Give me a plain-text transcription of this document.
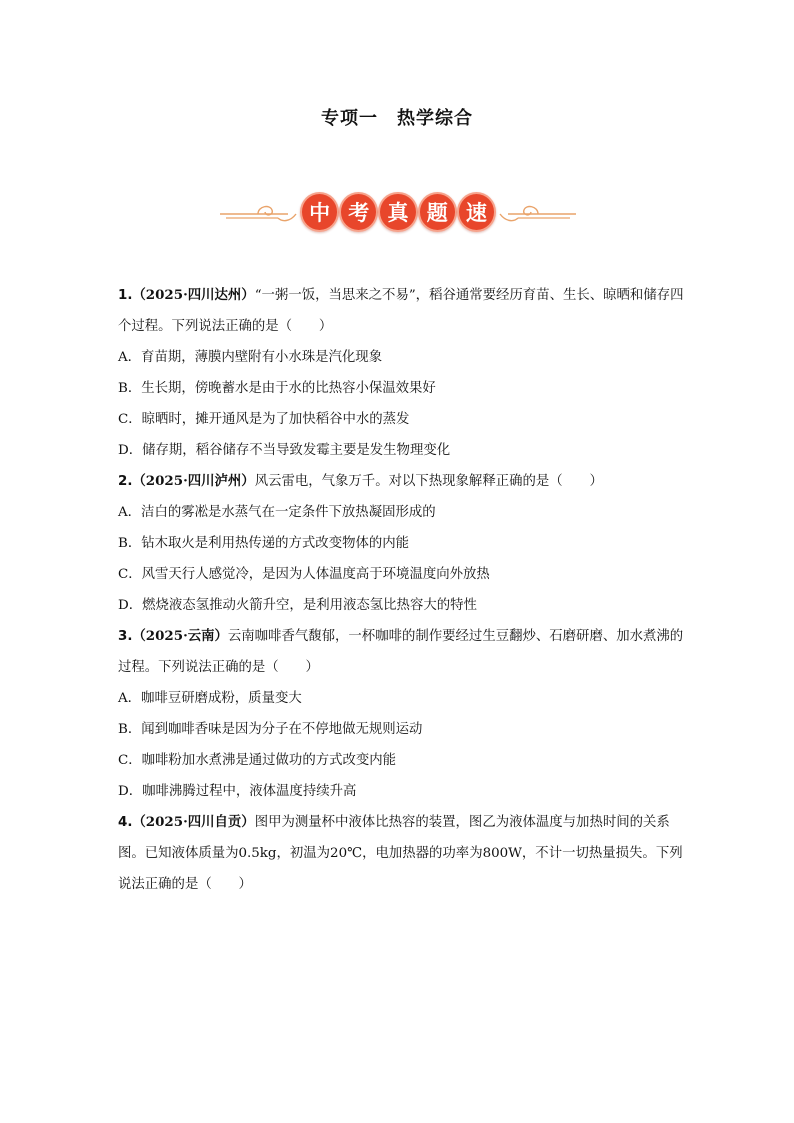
专项一　热学综合
中 考 真 题 速
1.（2025·四川达州）“一粥一饭，当思来之不易”，稻谷通常要经历育苗、生长、晾晒和储存四个过程。下列说法正确的是（　　）
A．育苗期，薄膜内壁附有小水珠是汽化现象
B．生长期，傍晚蓄水是由于水的比热容小保温效果好
C．晾晒时，摊开通风是为了加快稻谷中水的蒸发
D．储存期，稻谷储存不当导致发霉主要是发生物理变化
2.（2025·四川泸州）风云雷电，气象万千。对以下热现象解释正确的是（　　）
A．洁白的雾凇是水蒸气在一定条件下放热凝固形成的
B．钻木取火是利用热传递的方式改变物体的内能
C．风雪天行人感觉冷，是因为人体温度高于环境温度向外放热
D．燃烧液态氢推动火箭升空，是利用液态氢比热容大的特性
3.（2025·云南）云南咖啡香气馥郁，一杯咖啡的制作要经过生豆翻炒、石磨研磨、加水煮沸的过程。下列说法正确的是（　　）
A．咖啡豆研磨成粉，质量变大
B．闻到咖啡香味是因为分子在不停地做无规则运动
C．咖啡粉加水煮沸是通过做功的方式改变内能
D．咖啡沸腾过程中，液体温度持续升高
4.（2025·四川自贡）图甲为测量杯中液体比热容的装置，图乙为液体温度与加热时间的关系图。已知液体质量为0.5kg，初温为20℃，电加热器的功率为800W，不计一切热量损失。下列说法正确的是（　　）
